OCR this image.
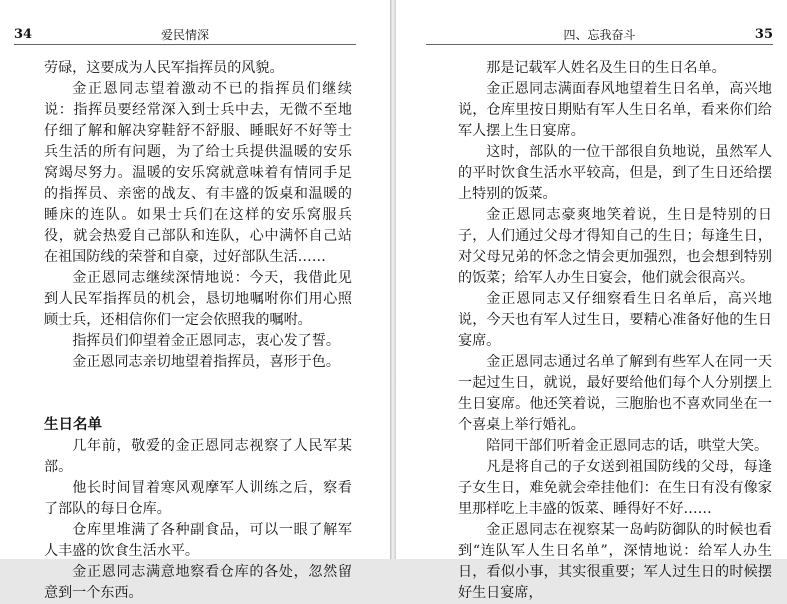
34	爱民情深

劳碌，这要成为人民军指挥员的风貌。

金正恩同志望着激动不已的指挥员们继续说：指挥员要经常深入到士兵中去，无微不至地仔细了解和解决穿鞋舒不舒服、睡眠好不好等士兵生活的所有问题，为了给士兵提供温暖的安乐窝竭尽努力。温暖的安乐窝就意味着有情同手足的指挥员、亲密的战友、有丰盛的饭桌和温暖的睡床的连队。如果士兵们在这样的安乐窝服兵役，就会热爱自己部队和连队，心中满怀自己站在祖国防线的荣誉和自豪，过好部队生活……

金正恩同志继续深情地说：今天，我借此见到人民军指挥员的机会，恳切地嘱咐你们用心照顾士兵，还相信你们一定会依照我的嘱咐。

指挥员们仰望着金正恩同志，衷心发了誓。

金正恩同志亲切地望着指挥员，喜形于色。

生日名单

几年前，敬爱的金正恩同志视察了人民军某部。

他长时间冒着寒风观摩军人训练之后，察看了部队的每日仓库。

仓库里堆满了各种副食品，可以一眼了解军人丰盛的饮食生活水平。

金正恩同志满意地察看仓库的各处，忽然留意到一个东西。

四、忘我奋斗	35

那是记载军人姓名及生日的生日名单。

金正恩同志满面春风地望着生日名单，高兴地说，仓库里按日期贴有军人生日名单，看来你们给军人摆上生日宴席。

这时，部队的一位干部很自负地说，虽然军人的平时饮食生活水平较高，但是，到了生日还给摆上特别的饭菜。

金正恩同志豪爽地笑着说，生日是特别的日子，人们通过父母才得知自己的生日；每逢生日，对父母兄弟的怀念之情会更加强烈，也会想到特别的饭菜；给军人办生日宴会，他们就会很高兴。

金正恩同志又仔细察看生日名单后，高兴地说，今天也有军人过生日，要精心准备好他的生日宴席。

金正恩同志通过名单了解到有些军人在同一天一起过生日，就说，最好要给他们每个人分别摆上生日宴席。他还笑着说，三胞胎也不喜欢同坐在一个喜桌上举行婚礼。

陪同干部们听着金正恩同志的话，哄堂大笑。

凡是将自己的子女送到祖国防线的父母，每逢子女生日，难免就会牵挂他们：在生日有没有像家里那样吃上丰盛的饭菜、睡得好不好……

金正恩同志在视察某一岛屿防御队的时候也看到“连队军人生日名单”，深情地说：给军人办生日，看似小事，其实很重要；军人过生日的时候摆好生日宴席，
